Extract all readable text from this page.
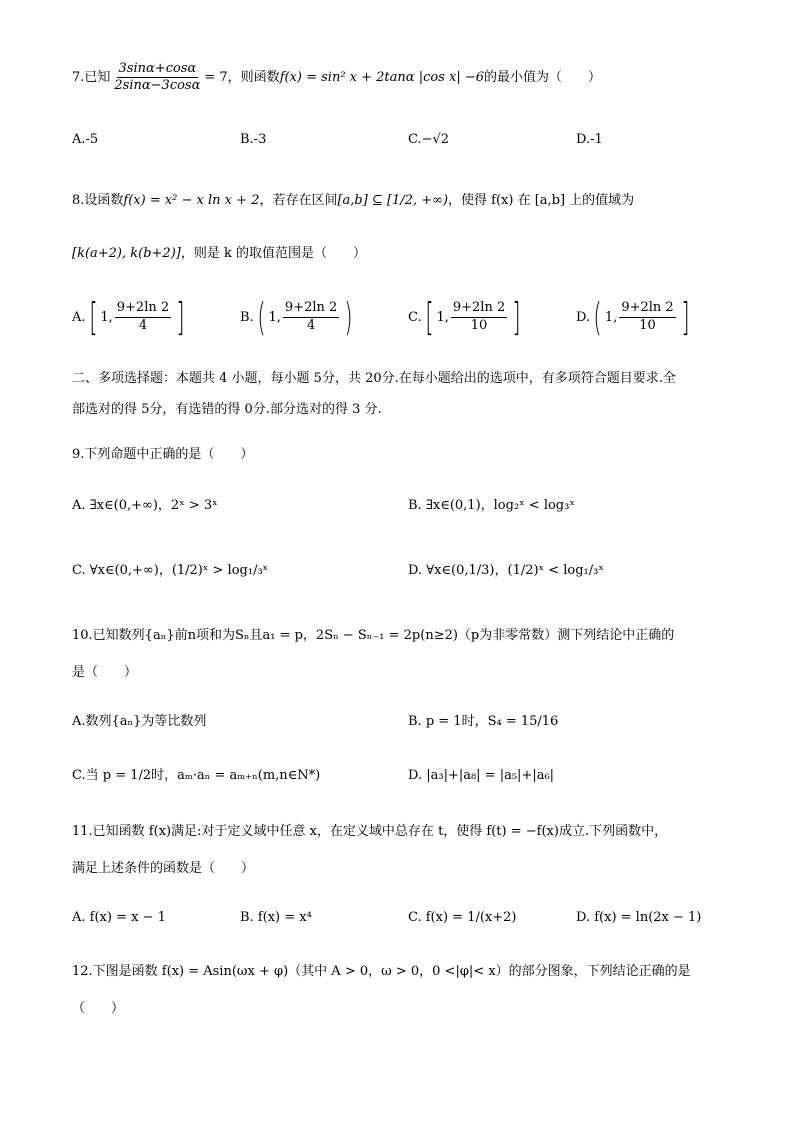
7.已知 $\frac{3\sin\alpha+\cos\alpha}{2\sin\alpha-3\cos\alpha} = 7$，则函数 f(x) = sin² x + 2tanα |cos x| −6 的最小值为（　　）
A.-5	B.-3	C.−√2	D.-1
8.设函数f(x) = x² − x ln x + 2，若存在区间[a,b] ⊆ [1/2, +∞)，使得 f(x) 在 [a,b] 上的值域为
[k(a+2), k(b+2)]，则是 k 的取值范围是（　　）
A. [ 1, $\frac{9+2\ln 2}{4}$ ]	B. ( 1, $\frac{9+2\ln 2}{4}$ )	C. [ 1, $\frac{9+2\ln 2}{10}$ ]	D. ( 1, $\frac{9+2\ln 2}{10}$ ]
二、多项选择题：本题共 4 小题，每小题 5分，共 20分.在每小题给出的选项中，有多项符合题目要求.全
部选对的得 5分，有选错的得 0分.部分选对的得 3 分.
9.下列命题中正确的是（　　）
A. ∃x∈(0,+∞)，2ˣ > 3ˣ	B. ∃x∈(0,1)，log₂ˣ < log₃ˣ
C. ∀x∈(0,+∞)，(1/2)ˣ > log₁/₃ˣ	D. ∀x∈(0,1/3)，(1/2)ˣ < log₁/₃ˣ
10.已知数列{aₙ}前n项和为Sₙ且a₁ = p，2Sₙ − Sₙ₋₁ = 2p(n≥2)（p为非零常数）测下列结论中正确的
是（　　）
A.数列{aₙ}为等比数列	B. p = 1时，S₄ = 15/16
C.当 p = 1/2时，aₘ·aₙ = aₘ₊ₙ(m,n∈N*)	D. |a₃|+|a₈| = |a₅|+|a₆|
11.已知函数 f(x)满足:对于定义域中任意 x，在定义域中总存在 t，使得 f(t) = −f(x)成立.下列函数中，
满足上述条件的函数是（　　）
A. f(x) = x − 1	B. f(x) = x⁴	C. f(x) = 1/(x+2)	D. f(x) = ln(2x − 1)
12.下图是函数 f(x) = Asin(ωx + φ)（其中 A > 0，ω > 0，0 <|φ|< x）的部分图象，下列结论正确的是
（　　）
